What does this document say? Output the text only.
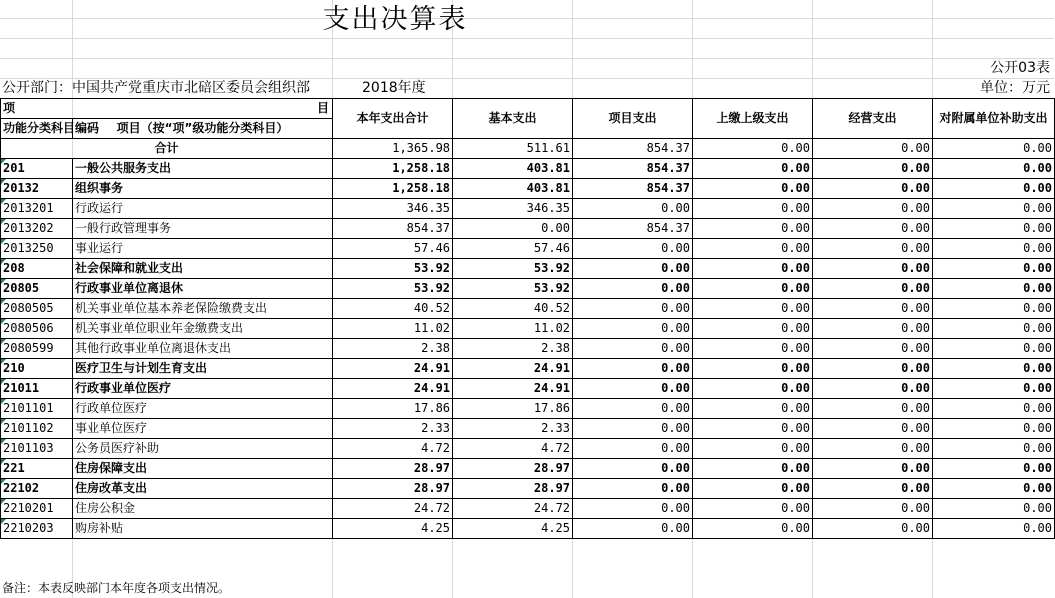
支出决算表
公开03表
公开部门：中国共产党重庆市北碚区委员会组织部	2018年度	单位：万元
项 目		本年支出合计	基本支出	项目支出	上缴上级支出	经营支出	对附属单位补助支出
功能分类科目编码	项目（按“项”级功能分类科目）						
合计		1,365.98	511.61	854.37	0.00	0.00	0.00
201	一般公共服务支出	1,258.18	403.81	854.37	0.00	0.00	0.00
20132	组织事务	1,258.18	403.81	854.37	0.00	0.00	0.00
2013201	行政运行	346.35	346.35	0.00	0.00	0.00	0.00
2013202	一般行政管理事务	854.37	0.00	854.37	0.00	0.00	0.00
2013250	事业运行	57.46	57.46	0.00	0.00	0.00	0.00
208	社会保障和就业支出	53.92	53.92	0.00	0.00	0.00	0.00
20805	行政事业单位离退休	53.92	53.92	0.00	0.00	0.00	0.00
2080505	机关事业单位基本养老保险缴费支出	40.52	40.52	0.00	0.00	0.00	0.00
2080506	机关事业单位职业年金缴费支出	11.02	11.02	0.00	0.00	0.00	0.00
2080599	其他行政事业单位离退休支出	2.38	2.38	0.00	0.00	0.00	0.00
210	医疗卫生与计划生育支出	24.91	24.91	0.00	0.00	0.00	0.00
21011	行政事业单位医疗	24.91	24.91	0.00	0.00	0.00	0.00
2101101	行政单位医疗	17.86	17.86	0.00	0.00	0.00	0.00
2101102	事业单位医疗	2.33	2.33	0.00	0.00	0.00	0.00
2101103	公务员医疗补助	4.72	4.72	0.00	0.00	0.00	0.00
221	住房保障支出	28.97	28.97	0.00	0.00	0.00	0.00
22102	住房改革支出	28.97	28.97	0.00	0.00	0.00	0.00
2210201	住房公积金	24.72	24.72	0.00	0.00	0.00	0.00
2210203	购房补贴	4.25	4.25	0.00	0.00	0.00	0.00
备注：本表反映部门本年度各项支出情况。
